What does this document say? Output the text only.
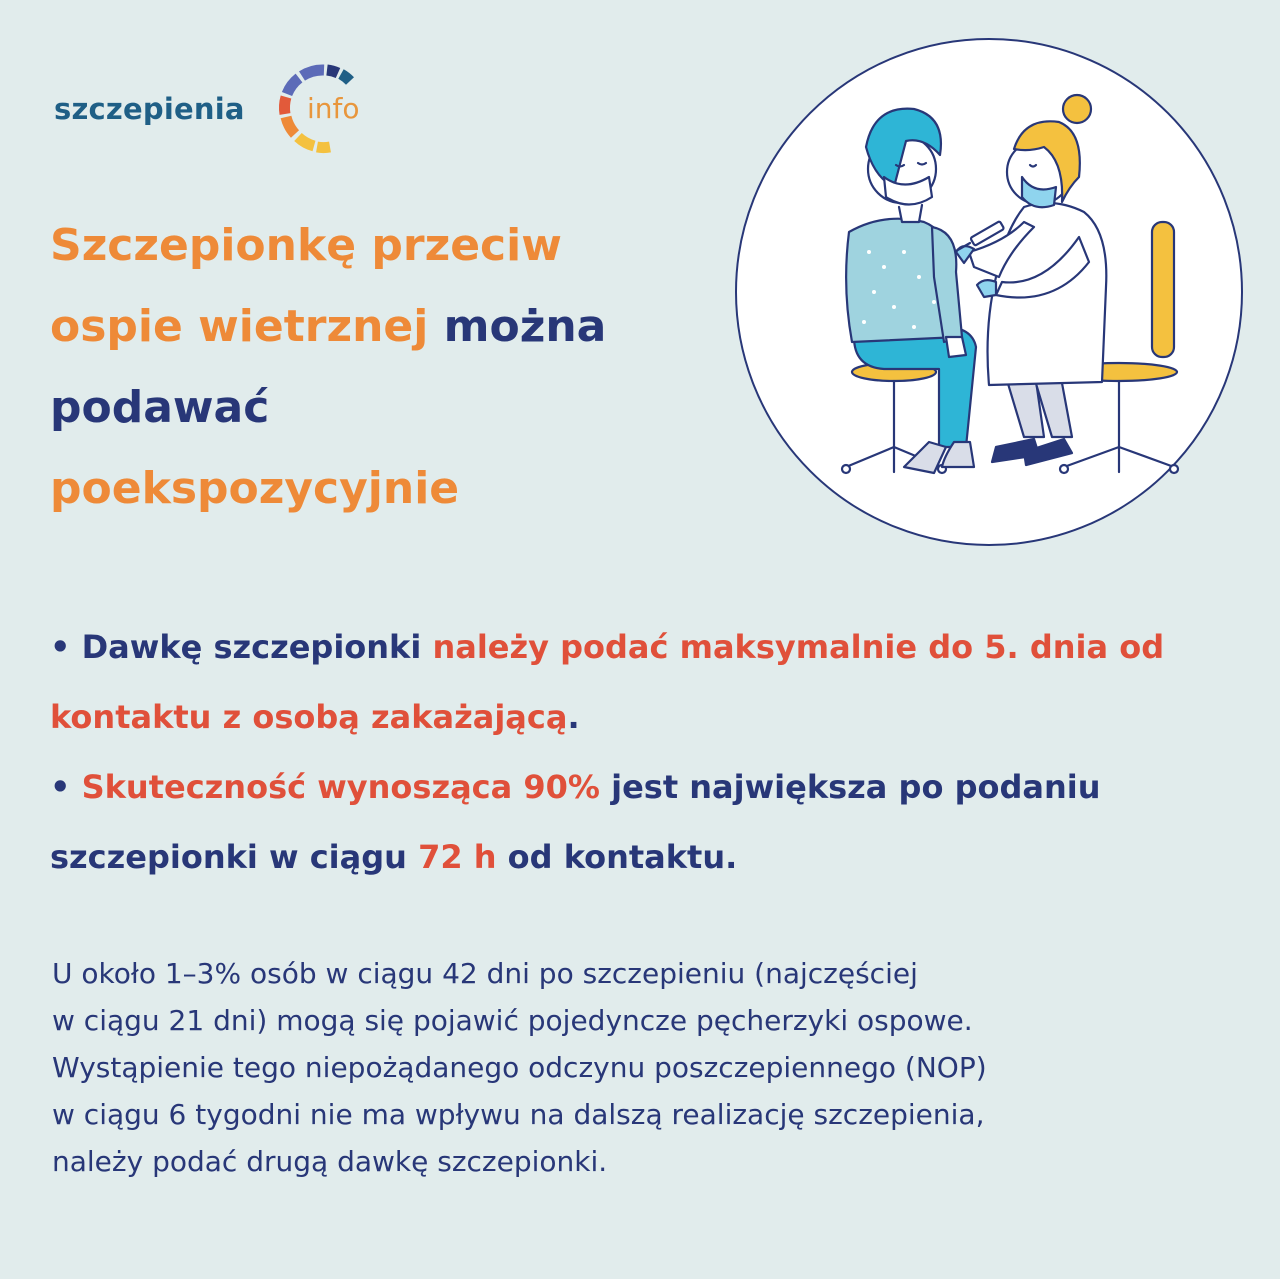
szczepienia info
Szczepionkę przeciw
ospie wietrznej można
podawać
poekspozycyjnie
• Dawkę szczepionki należy podać maksymalnie do 5. dnia od kontaktu z osobą zakażającą.
• Skuteczność wynosząca 90% jest największa po podaniu szczepionki w ciągu 72 h od kontaktu.
U około 1–3% osób w ciągu 42 dni po szczepieniu (najczęściej
w ciągu 21 dni) mogą się pojawić pojedyncze pęcherzyki ospowe.
Wystąpienie tego niepożądanego odczynu poszczepiennego (NOP)
w ciągu 6 tygodni nie ma wpływu na dalszą realizację szczepienia,
należy podać drugą dawkę szczepionki.
